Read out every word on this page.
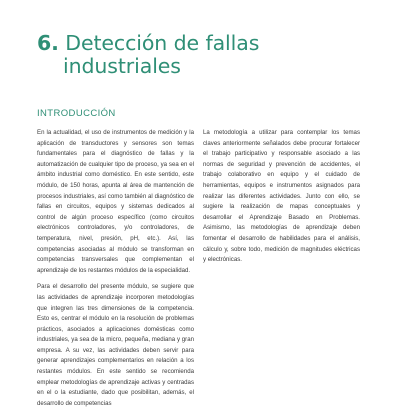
6. Detección de fallas
industriales
INTRODUCCIÓN

En la actualidad, el uso de instrumentos de medición y la aplicación de transductores y sensores son temas fundamentales para el diagnóstico de fallas y la automatización de cualquier tipo de proceso, ya sea en el ámbito industrial como doméstico. En este sentido, este módulo, de 150 horas, apunta al área de mantención de procesos industriales, así como también al diagnóstico de fallas en circuitos, equipos y sistemas dedicados al control de algún proceso específico (como circuitos electrónicos controladores, y/o controladores, de temperatura, nivel, presión, pH, etc.). Así, las competencias asociadas al módulo se transforman en competencias transversales que complementan el aprendizaje de los restantes módulos de la especialidad.

Para el desarrollo del presente módulo, se sugiere que las actividades de aprendizaje incorporen metodologías que integren las tres dimensiones de la competencia. Esto es, centrar el módulo en la resolución de problemas prácticos, asociados a aplicaciones domésticas como industriales, ya sea de la micro, pequeña, mediana y gran empresa. A su vez, las actividades deben servir para generar aprendizajes complementarios en relación a los restantes módulos. En este sentido se recomienda emplear metodologías de aprendizaje activas y centradas en el o la estudiante, dado que posibilitan, además, el desarrollo de competencias

La metodología a utilizar para contemplar los temas claves anteriormente señalados debe procurar fortalecer el trabajo participativo y responsable asociado a las normas de seguridad y prevención de accidentes, el trabajo colaborativo en equipo y el cuidado de herramientas, equipos e instrumentos asignados para realizar las diferentes actividades. Junto con ello, se sugiere la realización de mapas conceptuales y desarrollar el Aprendizaje Basado en Problemas. Asimismo, las metodologías de aprendizaje deben fomentar el desarrollo de habilidades para el análisis, cálculo y, sobre todo, medición de magnitudes eléctricas y electrónicas.
